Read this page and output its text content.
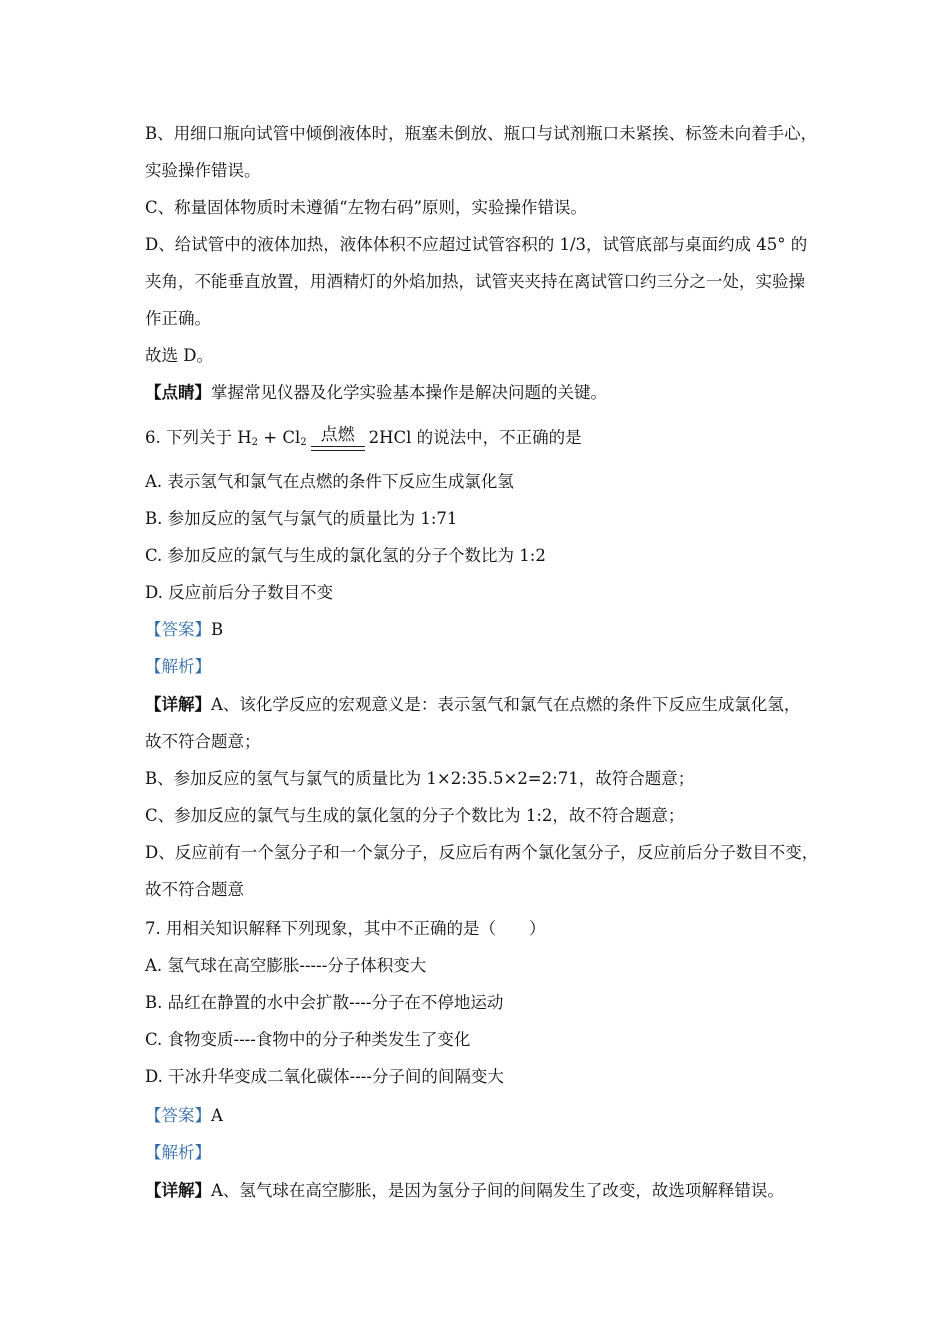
B、用细口瓶向试管中倾倒液体时，瓶塞未倒放、瓶口与试剂瓶口未紧挨、标签未向着手心，
实验操作错误。
C、称量固体物质时未遵循“左物右码”原则，实验操作错误。
D、给试管中的液体加热，液体体积不应超过试管容积的 1/3，试管底部与桌面约成 45° 的
夹角，不能垂直放置，用酒精灯的外焰加热，试管夹夹持在离试管口约三分之一处，实验操
作正确。
故选 D。
【点睛】掌握常见仪器及化学实验基本操作是解决问题的关键。
6. 下列关于 $H_2 + Cl_2$ 点燃 2HCl 的说法中，不正确的是
A. 表示氢气和氯气在点燃的条件下反应生成氯化氢
B. 参加反应的氢气与氯气的质量比为 1:71
C. 参加反应的氯气与生成的氯化氢的分子个数比为 1:2
D. 反应前后分子数目不变
【答案】B
【解析】
【详解】A、该化学反应的宏观意义是：表示氢气和氯气在点燃的条件下反应生成氯化氢，
故不符合题意；
B、参加反应的氢气与氯气的质量比为 1×2:35.5×2=2:71，故符合题意；
C、参加反应的氯气与生成的氯化氢的分子个数比为 1:2，故不符合题意；
D、反应前有一个氢分子和一个氯分子，反应后有两个氯化氢分子，反应前后分子数目不变，
故不符合题意
7. 用相关知识解释下列现象，其中不正确的是（　　）
A. 氢气球在高空膨胀-----分子体积变大
B. 品红在静置的水中会扩散----分子在不停地运动
C. 食物变质----食物中的分子种类发生了变化
D. 干冰升华变成二氧化碳体----分子间的间隔变大
【答案】A
【解析】
【详解】A、氢气球在高空膨胀，是因为氢分子间的间隔发生了改变，故选项解释错误。
